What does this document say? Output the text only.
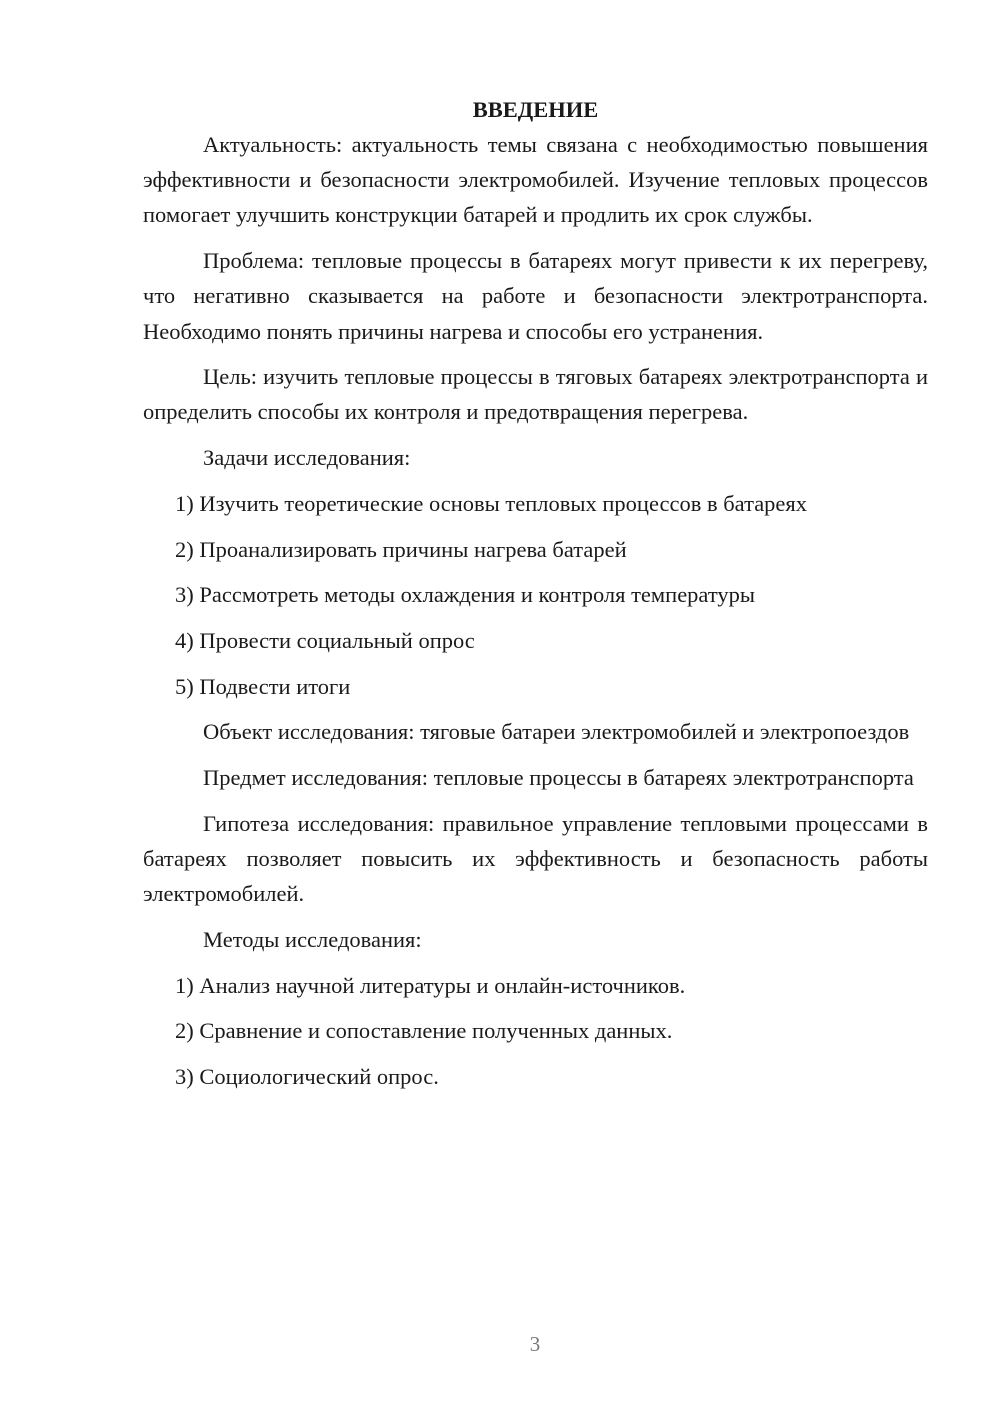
ВВЕДЕНИЕ

Актуальность: актуальность темы связана с необходимостью повышения эффективности и безопасности электромобилей. Изучение тепловых процессов помогает улучшить конструкции батарей и продлить их срок службы.

Проблема: тепловые процессы в батареях могут привести к их перегреву, что негативно сказывается на работе и безопасности электротранспорта. Необходимо понять причины нагрева и способы его устранения.

Цель: изучить тепловые процессы в тяговых батареях электротранспорта и определить способы их контроля и предотвращения перегрева.

Задачи исследования:
1) Изучить теоретические основы тепловых процессов в батареях
2) Проанализировать причины нагрева батарей
3) Рассмотреть методы охлаждения и контроля температуры
4) Провести социальный опрос
5) Подвести итоги

Объект исследования: тяговые батареи электромобилей и электропоездов

Предмет исследования: тепловые процессы в батареях электротранспорта

Гипотеза исследования: правильное управление тепловыми процессами в батареях позволяет повысить их эффективность и безопасность работы электромобилей.

Методы исследования:
1) Анализ научной литературы и онлайн-источников.
2) Сравнение и сопоставление полученных данных.
3) Социологический опрос.
3
